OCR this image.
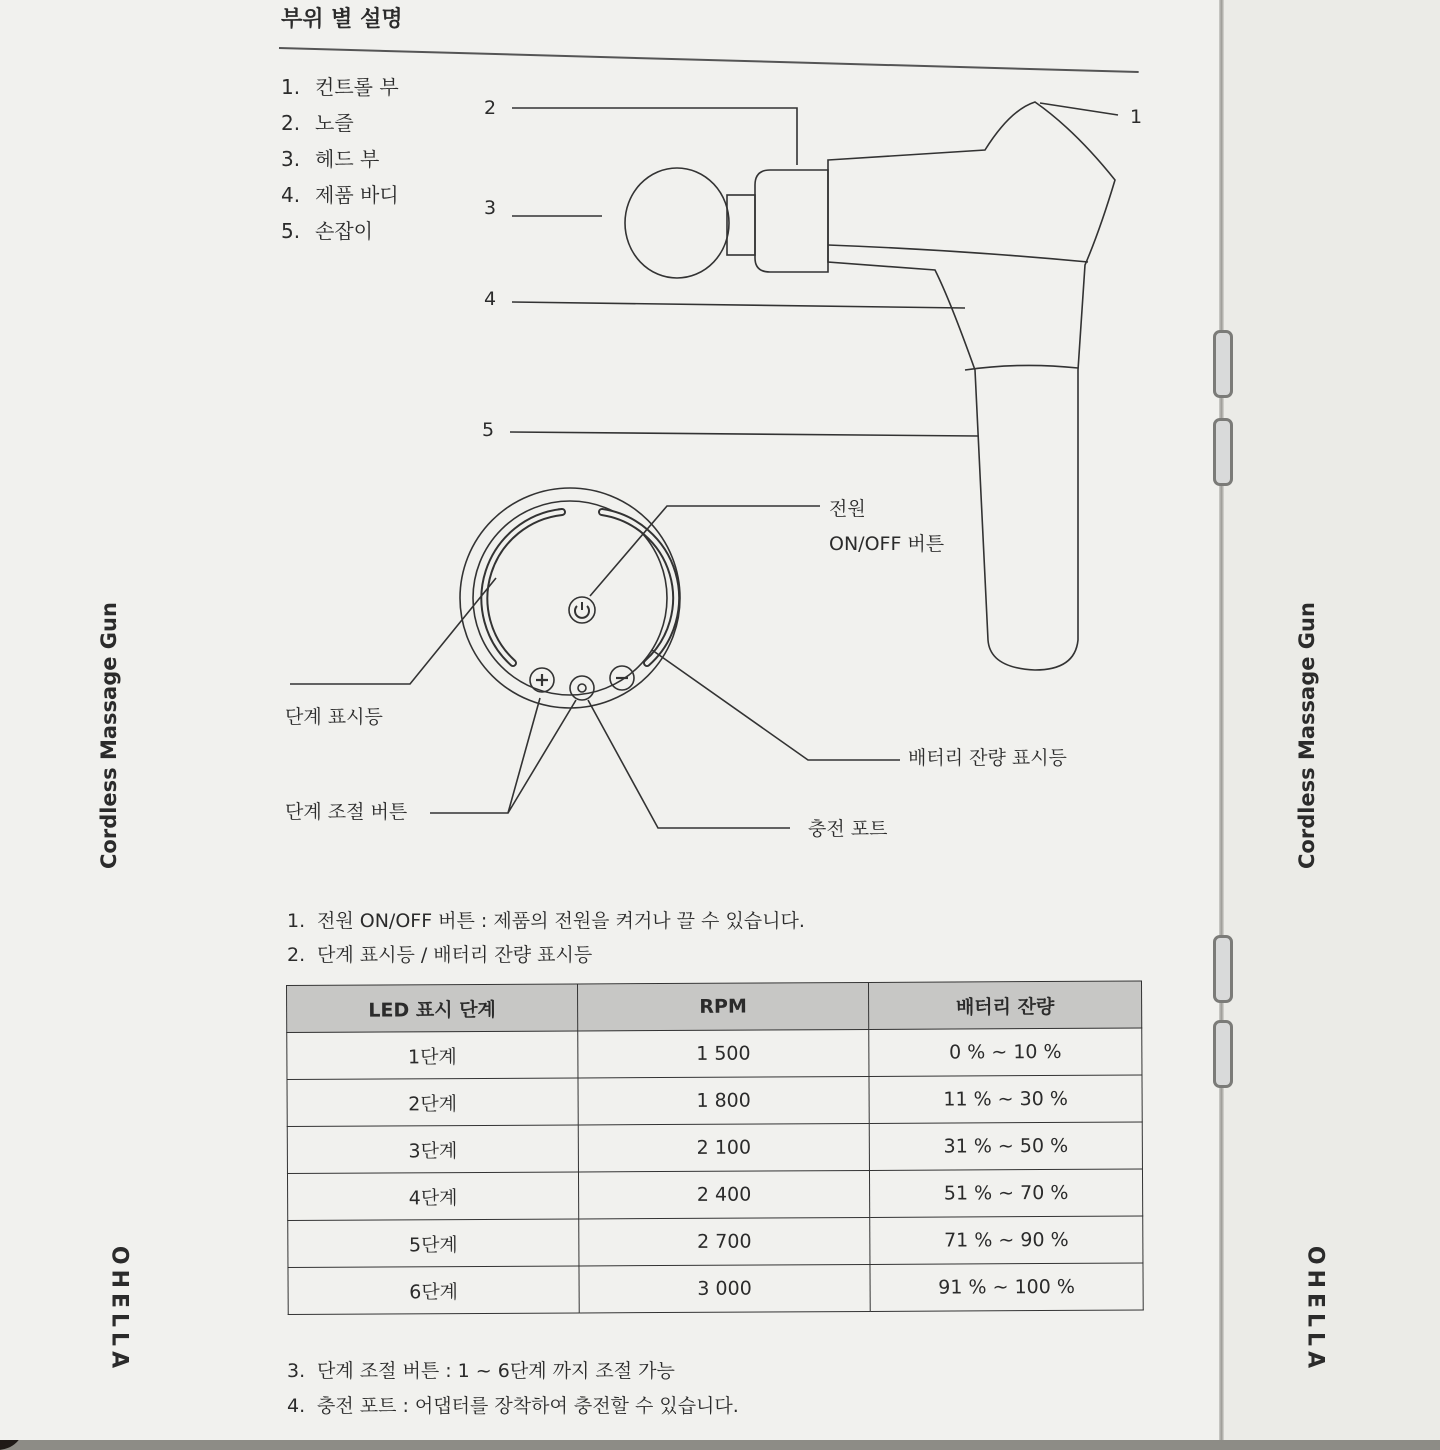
부위 별 설명
1. 컨트롤 부
2. 노즐
3. 헤드 부
4. 제품 바디
5. 손잡이
1
2
3
4
5
전원
ON/OFF 버튼
단계 표시등
단계 조절 버튼
배터리 잔량 표시등
충전 포트

1. 전원 ON/OFF 버튼 : 제품의 전원을 켜거나 끌 수 있습니다.

2. 단계 표시등 / 배터리 잔량 표시등

LED 표시 단계	RPM	배터리 잔량
1단계	1 500	0 % ~ 10 %
2단계	1 800	11 % ~ 30 %
3단계	2 100	31 % ~ 50 %
4단계	2 400	51 % ~ 70 %
5단계	2 700	71 % ~ 90 %
6단계	3 000	91 % ~ 100 %

3. 단계 조절 버튼 : 1 ~ 6단계 까지 조절 가능

4. 충전 포트 : 어댑터를 장착하여 충전할 수 있습니다.

Cordless Massage Gun	Cordless Massage Gun
OHELLA	OHELLA
